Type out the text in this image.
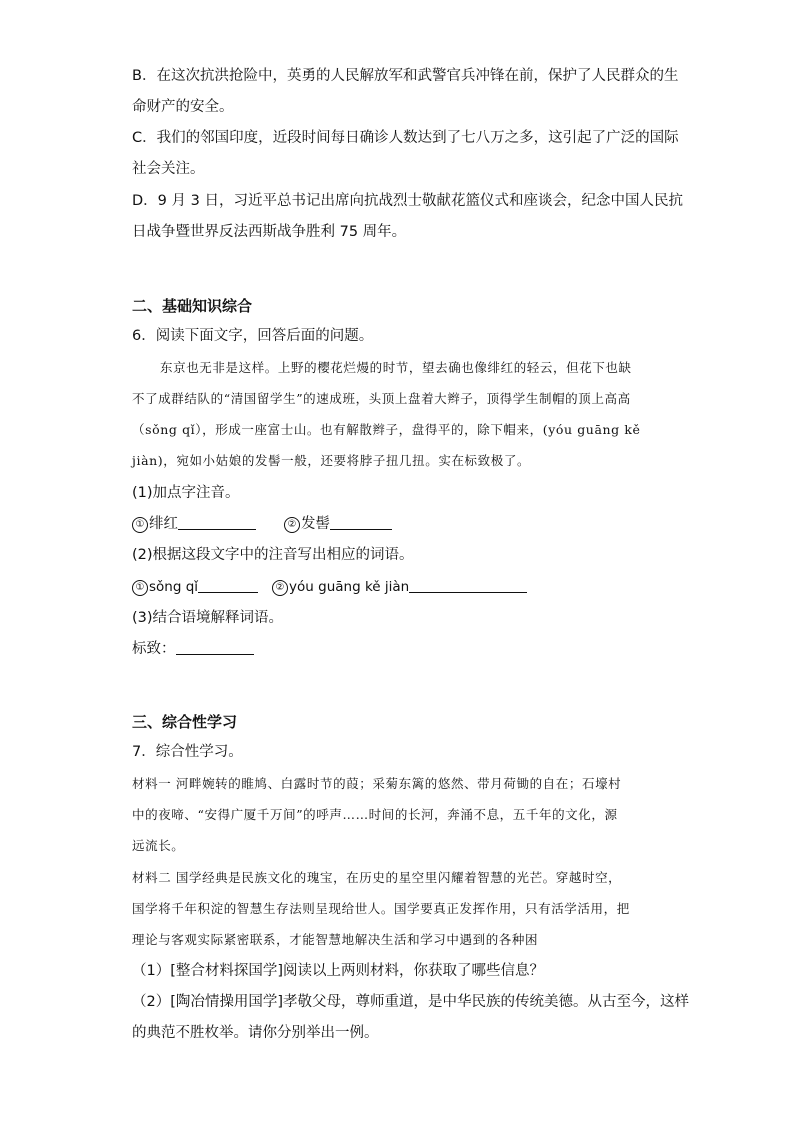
B．在这次抗洪抢险中，英勇的人民解放军和武警官兵冲锋在前，保护了人民群众的生
命财产的安全。
C．我们的邻国印度，近段时间每日确诊人数达到了七八万之多，这引起了广泛的国际
社会关注。
D．9 月 3 日，习近平总书记出席向抗战烈士敬献花篮仪式和座谈会，纪念中国人民抗
日战争暨世界反法西斯战争胜利 75 周年。
二、基础知识综合
6．阅读下面文字，回答后面的问题。
东京也无非是这样。上野的樱花烂熳的时节，望去确也像绯红的轻云，但花下也缺
不了成群结队的“清国留学生”的速成班，头顶上盘着大辫子，顶得学生制帽的顶上高高
（sǒng qǐ），形成一座富士山。也有解散辫子，盘得平的，除下帽来，(yóu guāng kě
jiàn)，宛如小姑娘的发髻一般，还要将脖子扭几扭。实在标致极了。
(1)加点字注音。
① 绯红	② 发髻
(2)根据这段文字中的注音写出相应的词语。
① sǒng qǐ	② yóu guāng kě jiàn
(3)结合语境解释词语。
标致：
三、综合性学习
7．综合性学习。
材料一 河畔婉转的睢鸠、白露时节的葭；采菊东篱的悠然、带月荷锄的自在；石壕村
中的夜啼、“安得广厦千万间”的呼声……时间的长河，奔涌不息，五千年的文化，源
远流长。
材料二 国学经典是民族文化的瑰宝，在历史的星空里闪耀着智慧的光芒。穿越时空，
国学将千年积淀的智慧生存法则呈现给世人。国学要真正发挥作用，只有活学活用，把
理论与客观实际紧密联系，才能智慧地解决生活和学习中遇到的各种困
（1）[整合材料探国学]阅读以上两则材料，你获取了哪些信息？
（2）[陶冶情操用国学]孝敬父母，尊师重道，是中华民族的传统美德。从古至今，这样
的典范不胜枚举。请你分别举出一例。
